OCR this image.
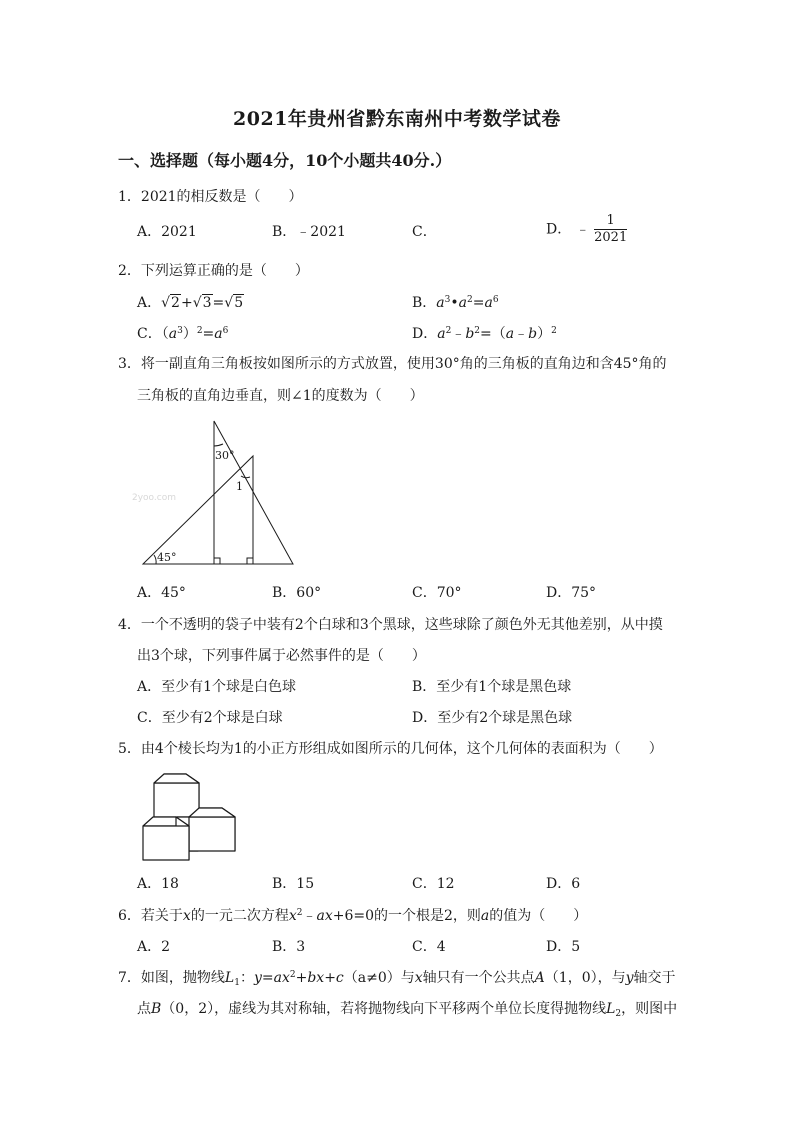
2021年贵州省黔东南州中考数学试卷
一、选择题（每小题4分，10个小题共40分.）
1．2021的相反数是（　　）
A．2021	B．﹣2021	C．	D． ﹣ $\frac{1}{2021}$
2．下列运算正确的是（　　）
A．√2+√3=√5	B．$a^3•a^2=a^6$
C．$(a^3)^2=a^6$	D．$a^2﹣b^2=(a﹣b)^2$
3．将一副直角三角板按如图所示的方式放置，使用30°角的三角板的直角边和含45°角的
三角板的直角边垂直，则∠1的度数为（　　）
2yoo.com
30°
1
45°
A．45°	B．60°	C．70°	D．75°
4．一个不透明的袋子中装有2个白球和3个黑球，这些球除了颜色外无其他差别，从中摸
出3个球，下列事件属于必然事件的是（　　）
A．至少有1个球是白色球	B．至少有1个球是黑色球
C．至少有2个球是白球	D．至少有2个球是黑色球
5．由4个棱长均为1的小正方形组成如图所示的几何体，这个几何体的表面积为（　　）
A．18	B．15	C．12	D．6
6．若关于x的一元二次方程$x^2﹣ax+6=0$的一个根是2，则a的值为（　　）
A．2	B．3	C．4	D．5
7．如图，抛物线$L_1$：$y=ax^2+bx+c(a\ne 0)$与x轴只有一个公共点A（1，0），与y轴交于
点B（0，2），虚线为其对称轴，若将抛物线向下平移两个单位长度得抛物线$L_2$，则图中
